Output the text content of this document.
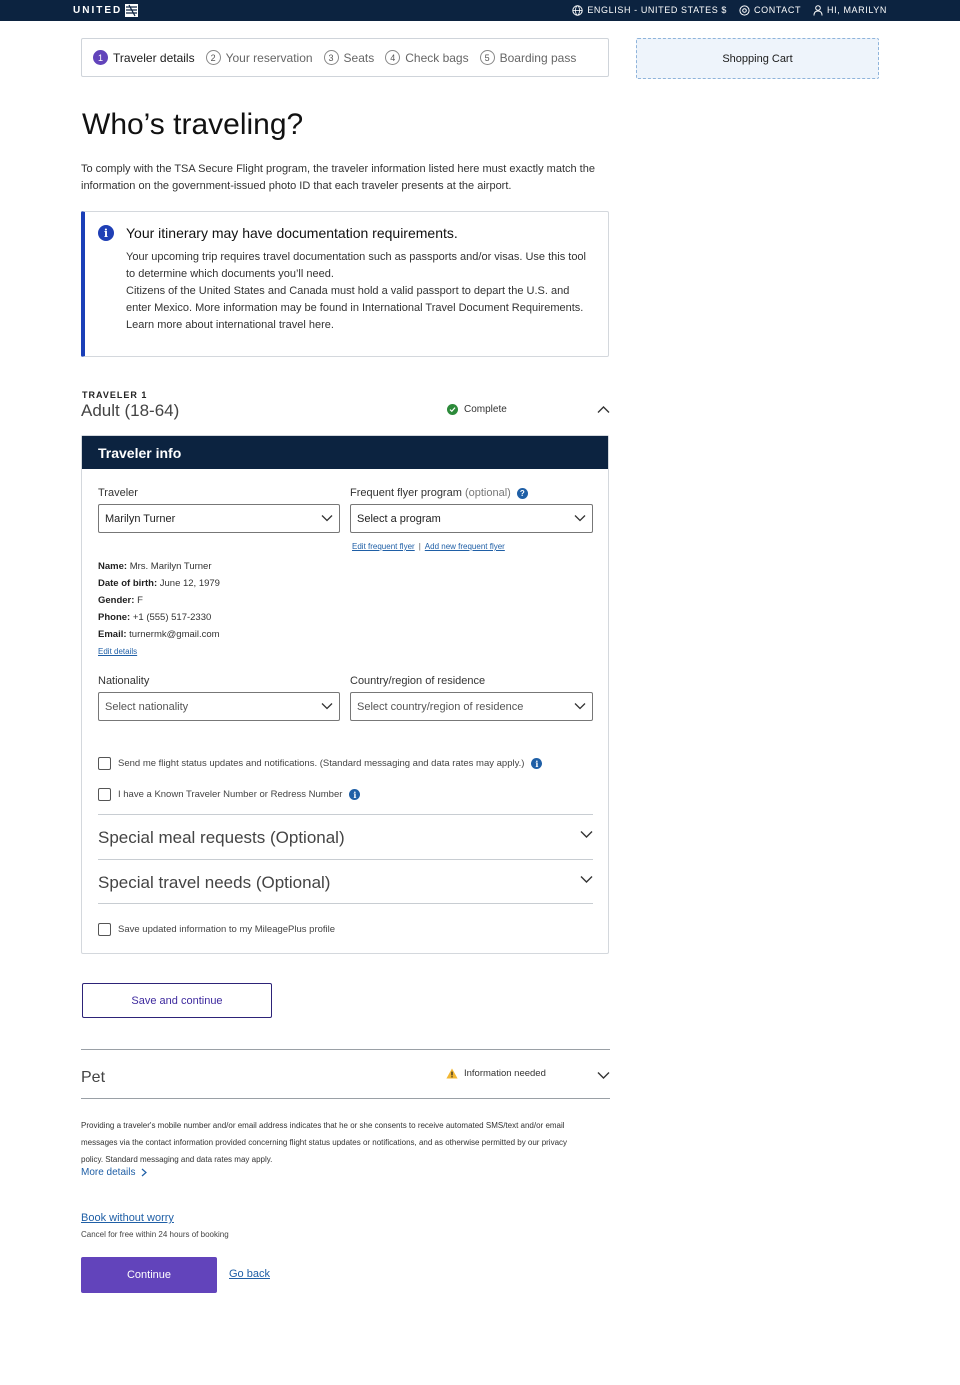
UNITED	ENGLISH - UNITED STATES $	CONTACT	HI, MARILYN
1 Traveler details	2 Your reservation	3 Seats	4 Check bags	5 Boarding pass	Shopping Cart
Who’s traveling?

To comply with the TSA Secure Flight program, the traveler information listed here must exactly match the information on the government-issued photo ID that each traveler presents at the airport.

i	Your itinerary may have documentation requirements.
Your upcoming trip requires travel documentation such as passports and/or visas. Use this tool to determine which documents you’ll need.
Citizens of the United States and Canada must hold a valid passport to depart the U.S. and enter Mexico. More information may be found in International Travel Document Requirements.
Learn more about international travel here.
TRAVELER 1
Adult (18-64)	Complete
Traveler info
Traveler
Marilyn Turner
Frequent flyer program (optional) ?
Select a program
Edit frequent flyer | Add new frequent flyer
Name: Mrs. Marilyn Turner
Date of birth: June 12, 1979
Gender: F
Phone: +1 (555) 517-2330
Email: turnermk@gmail.com
Edit details
Nationality
Select nationality
Country/region of residence
Select country/region of residence
Send me flight status updates and notifications. (Standard messaging and data rates may apply.)	i
I have a Known Traveler Number or Redress Number	i
Special meal requests (Optional)
Special travel needs (Optional)
Save updated information to my MileagePlus profile
Save and continue
Pet	Information needed

Providing a traveler's mobile number and/or email address indicates that he or she consents to receive automated SMS/text and/or email messages via the contact information provided concerning flight status updates or notifications, and as otherwise permitted by our privacy policy. Standard messaging and data rates may apply.

More details
Book without worry
Cancel for free within 24 hours of booking
Continue	Go back
